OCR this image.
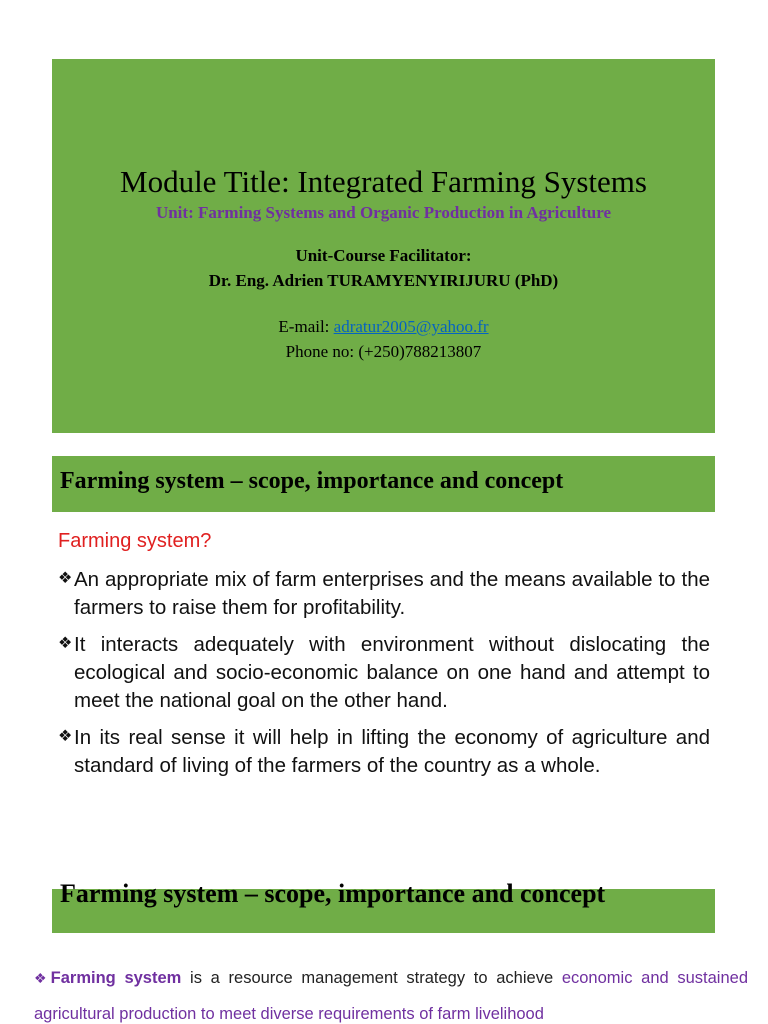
Module Title: Integrated Farming Systems
Unit: Farming Systems and Organic Production in Agriculture
Unit-Course Facilitator:
Dr. Eng. Adrien TURAMYENYIRIJURU (PhD)
E-mail: adratur2005@yahoo.fr
Phone no: (+250)788213807
Farming system – scope, importance and concept
Farming system?
❖ An appropriate mix of farm enterprises and the means available to the farmers to raise them for profitability.
❖ It interacts adequately with environment without dislocating the ecological and socio-economic balance on one hand and attempt to meet the national goal on the other hand.
❖ In its real sense it will help in lifting the economy of agriculture and standard of living of the farmers of the country as a whole.
Farming system – scope, importance and concept
❖Farming system is a resource management strategy to achieve economic and sustained agricultural production to meet diverse requirements of farm livelihood
